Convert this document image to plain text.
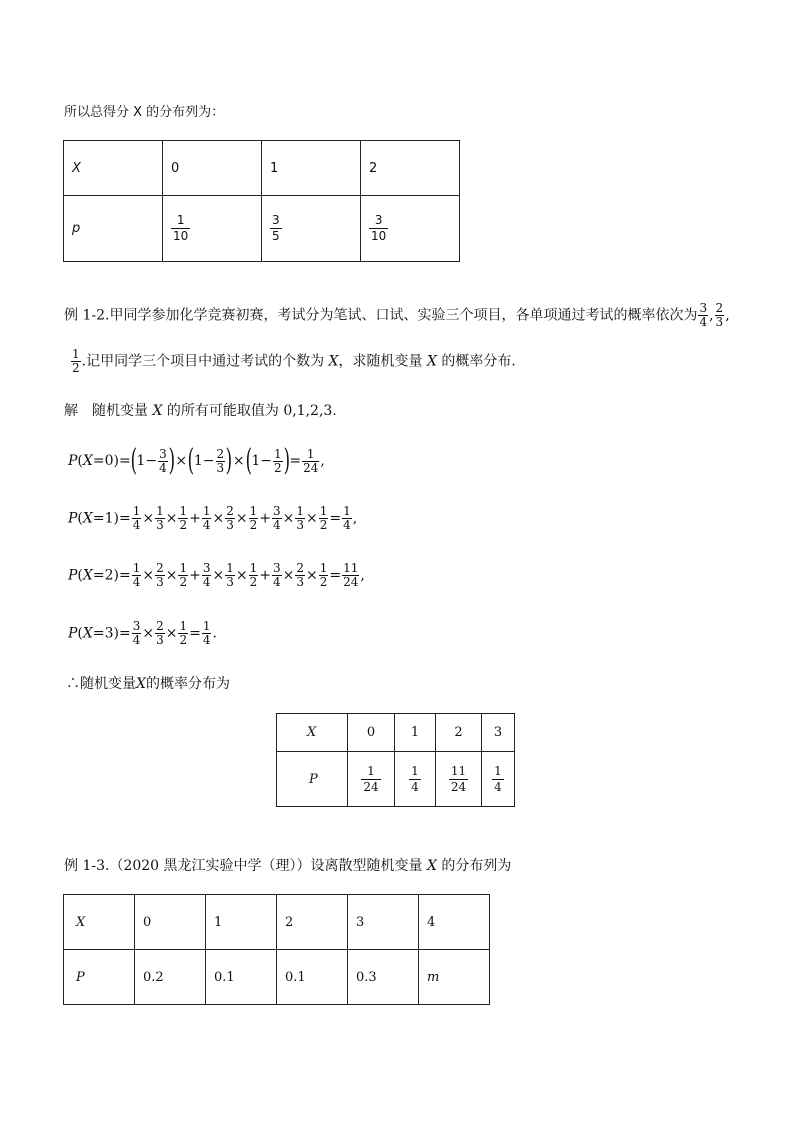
所以总得分 X 的分布列为：
X	0	1	2

p	$\frac{1}{10}$	$\frac{3}{5}$	$\frac{3}{10}$
例 1-2.甲同学参加化学竞赛初赛，考试分为笔试、口试、实验三个项目，各单项通过考试的概率依次为 $\frac{3}{4}$ , $\frac{2}{3}$ ,
$\frac{1}{2}$ .记甲同学三个项目中通过考试的个数为 X，求随机变量 X 的概率分布．
解　随机变量 X 的所有可能取值为 0,1,2,3.
$P(X=0)=(1- \frac{3}{4} )\times(1- \frac{2}{3} )\times(1- \frac{1}{2}$ )= $\frac{1}{24}$ ,
$P(X=1)= \frac{1}{4} \times \frac{1}{3} \times \frac{1}{2} + \frac{1}{4} \times \frac{2}{3} \times \frac{1}{2} + \frac{3}{4} \times \frac{1}{3} \times \frac{1}{2} = \frac{1}{4}$ ,
$P(X=2)= \frac{1}{4} \times \frac{2}{3} \times \frac{1}{2} + \frac{3}{4} \times \frac{1}{3} \times \frac{1}{2} + \frac{3}{4} \times \frac{2}{3} \times \frac{1}{2} = \frac{11}{24}$ ,
$P(X=3)= \frac{3}{4} \times \frac{2}{3} \times \frac{1}{2} = \frac{1}{4}$ .
∴随机变量X的概率分布为
X	0	1	2	3

P	$\frac{1}{24}$	$\frac{1}{4}$	$\frac{11}{24}$	$\frac{1}{4}$
例 1-3.（2020 黑龙江实验中学（理））设离散型随机变量 X 的分布列为
X	0	1	2	3	4

P	0.2	0.1	0.1	0.3	m
